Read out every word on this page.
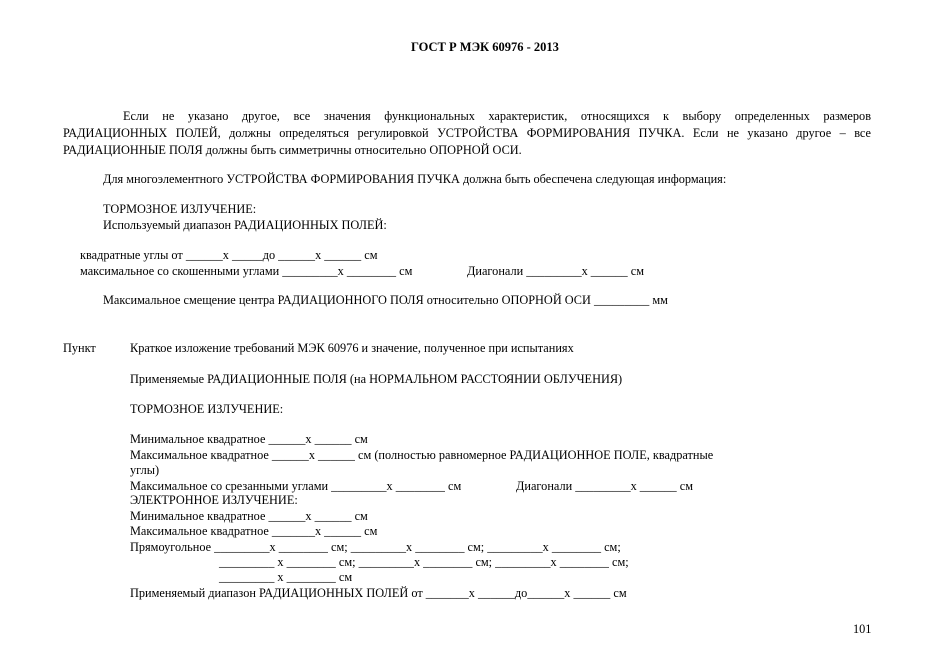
ГОСТ Р МЭК 60976 - 2013
Если не указано другое, все значения функциональных характеристик, относящихся к выбору определенных размеров
РАДИАЦИОННЫХ ПОЛЕЙ, должны определяться регулировкой УСТРОЙСТВА ФОРМИРОВАНИЯ ПУЧКА. Если не указано другое – все
РАДИАЦИОННЫЕ ПОЛЯ должны быть симметричны относительно ОПОРНОЙ ОСИ.
Для многоэлементного УСТРОЙСТВА ФОРМИРОВАНИЯ ПУЧКА должна быть обеспечена следующая информация:
ТОРМОЗНОЕ ИЗЛУЧЕНИЕ:
Используемый диапазон РАДИАЦИОННЫХ ПОЛЕЙ:
квадратные углы от ______х _____до ______х ______ см
максимальное со скошенными углами _________х ________ см	Диагонали _________х ______ см
Максимальное смещение центра РАДИАЦИОННОГО ПОЛЯ относительно ОПОРНОЙ ОСИ _________ мм
Пункт	Краткое изложение требований МЭК 60976 и значение, полученное при испытаниях
Применяемые РАДИАЦИОННЫЕ ПОЛЯ (на НОРМАЛЬНОМ РАССТОЯНИИ ОБЛУЧЕНИЯ)
ТОРМОЗНОЕ ИЗЛУЧЕНИЕ:
Минимальное квадратное ______х ______ см
Максимальное квадратное ______х ______ см (полностью равномерное РАДИАЦИОННОЕ ПОЛЕ, квадратные
углы)
Максимальное со срезанными углами _________х ________ см	Диагонали _________х ______ см
ЭЛЕКТРОННОЕ ИЗЛУЧЕНИЕ:
Минимальное квадратное ______х ______ см
Максимальное квадратное _______х ______ см
Прямоугольное _________х ________ см; _________х ________ см; _________х ________ см;
_________ х ________ см; _________х ________ см; _________х ________ см;
_________ х ________ см
Применяемый диапазон РАДИАЦИОННЫХ ПОЛЕЙ от _______х ______до______х ______ см
101
